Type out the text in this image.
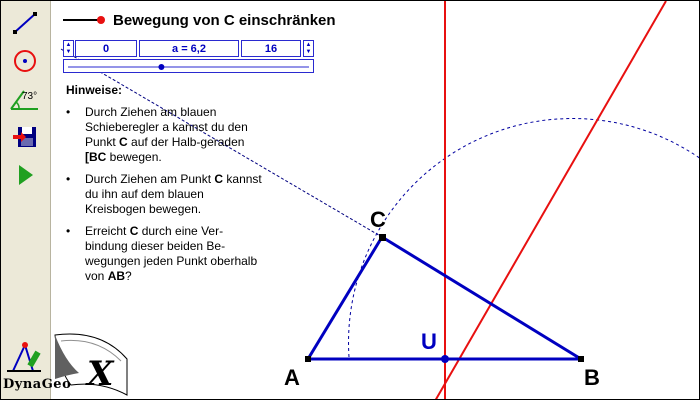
A	B
C
U
Bewegung von C einschränken
▲
▼	0	a = 6,2	16	▲
▼
Hinweise:
• Durch Ziehen am blauen Schieberegler a kannst du den Punkt C auf der Halb-geraden [BC bewegen.
• Durch Ziehen am Punkt C kannst du ihn auf dem blauen Kreisbogen bewegen.
• Erreicht C durch eine Ver-bindung dieser beiden Be-wegungen jeden Punkt oberhalb von AB?
73°
X
DynaGeo
